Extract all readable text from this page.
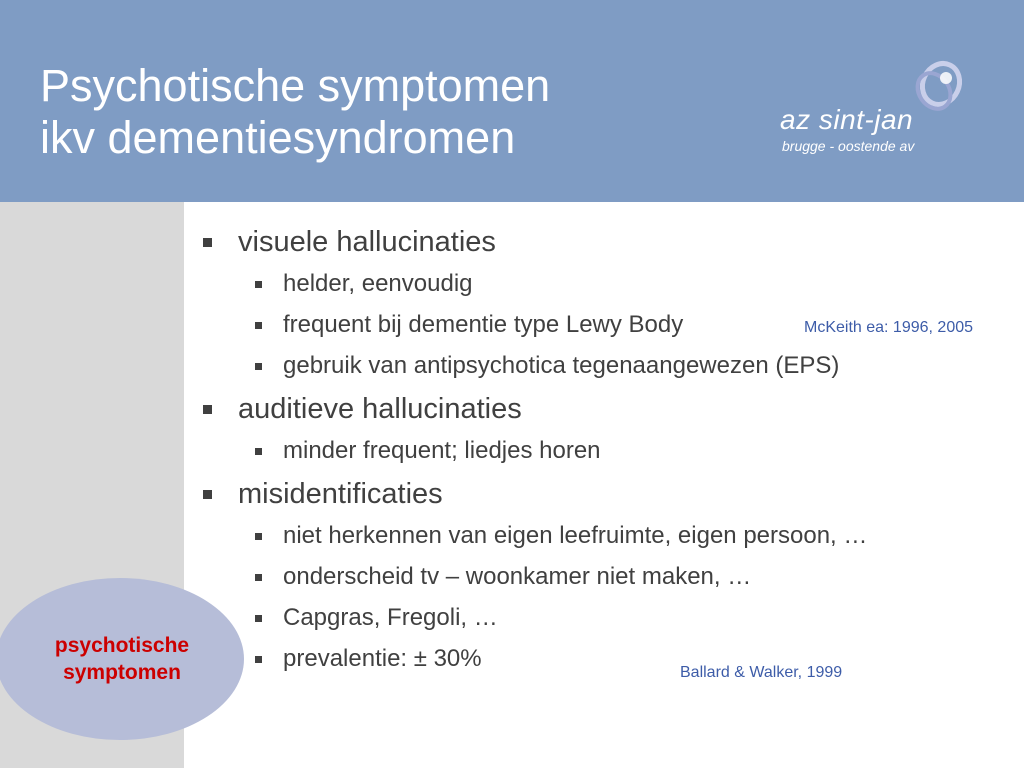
Psychotische symptomen
ikv dementiesyndromen	az sint-jan
brugge - oostende av
psychotische
symptomen
visuele hallucinaties
helder, eenvoudig
frequent bij dementie type Lewy Body
gebruik van antipsychotica tegenaangewezen (EPS)
auditieve hallucinaties
minder frequent; liedjes horen
misidentificaties
niet herkennen van eigen leefruimte, eigen persoon, …
onderscheid tv – woonkamer niet maken, …
Capgras, Fregoli, …
prevalentie: ± 30%
McKeith ea: 1996, 2005
Ballard & Walker, 1999
